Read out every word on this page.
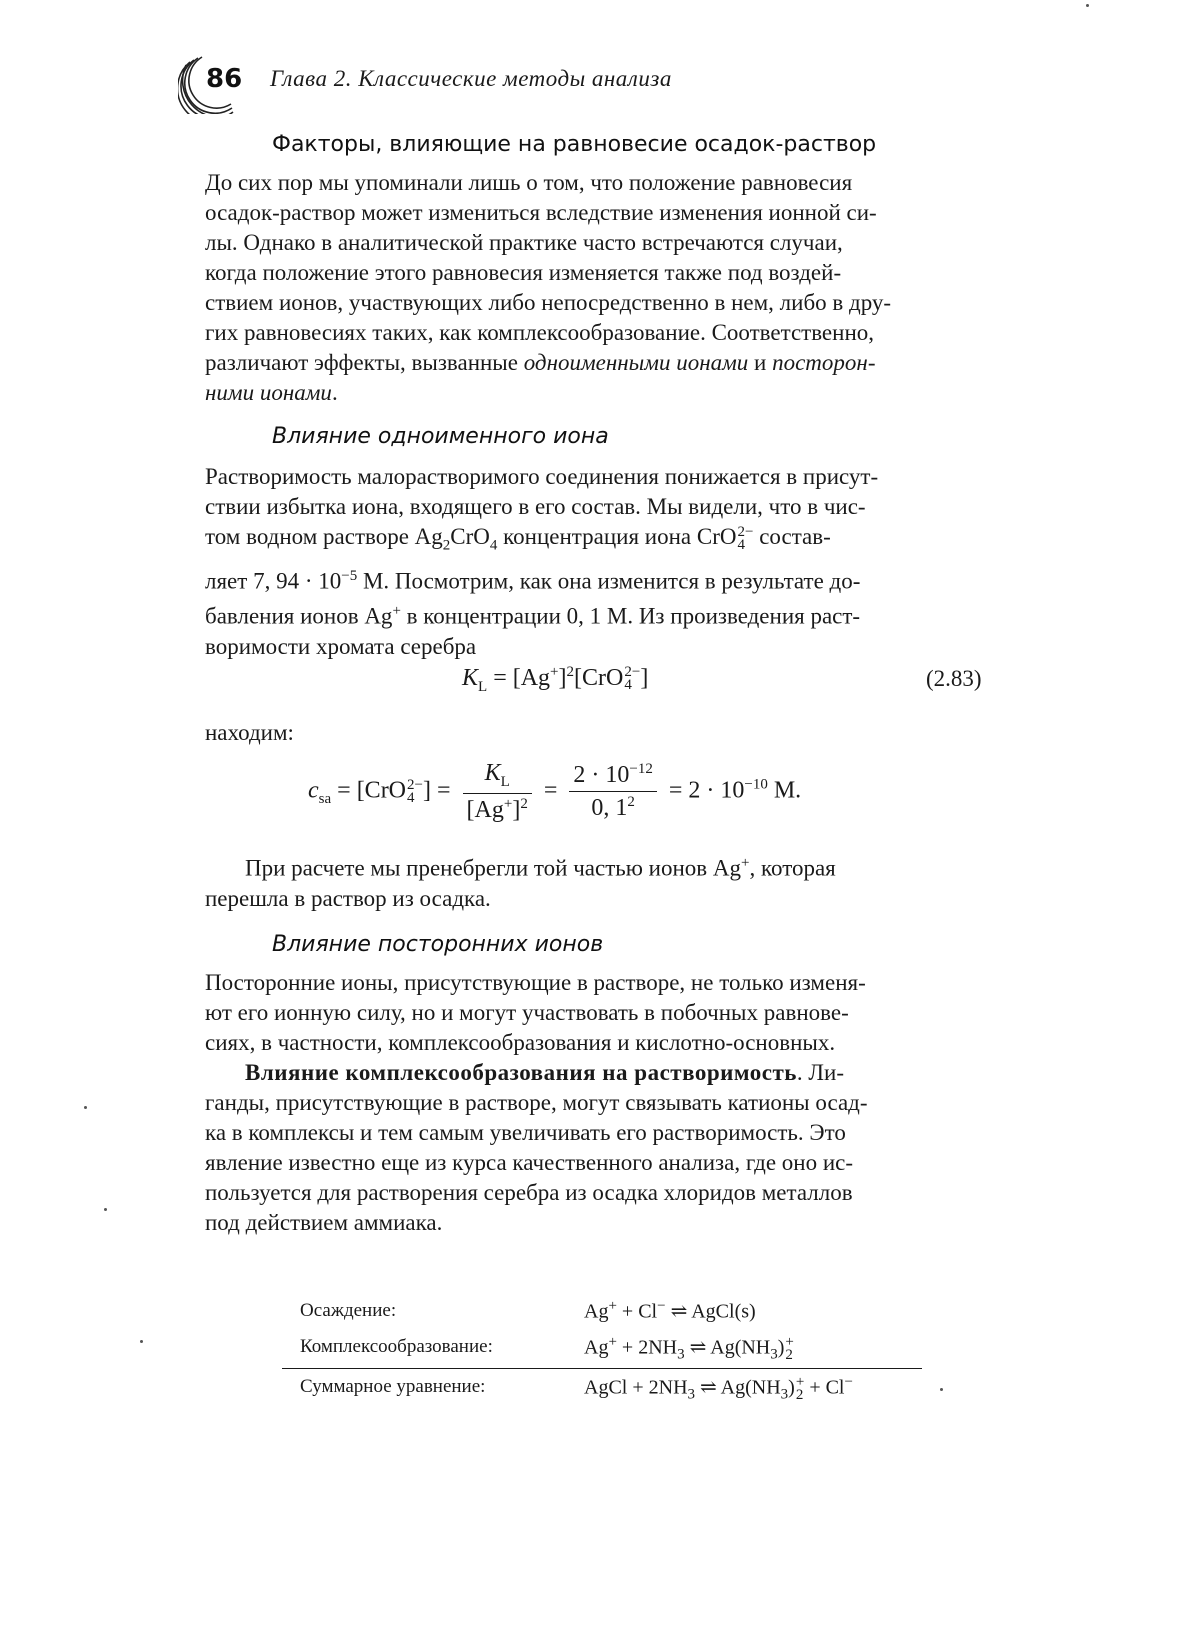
86 Глава 2. Классические методы анализа
Факторы, влияющие на равновесие осадок-раствор
До сих пор мы упоминали лишь о том, что положение равновесия
осадок-раствор может измениться вследствие изменения ионной си-
лы. Однако в аналитической практике часто встречаются случаи,
когда положение этого равновесия изменяется также под воздей-
ствием ионов, участвующих либо непосредственно в нем, либо в дру-
гих равновесиях таких, как комплексообразование. Соответственно,
различают эффекты, вызванные одноименными ионами и посторон-
ними ионами.
Влияние одноименного иона
Растворимость малорастворимого соединения понижается в присут-
ствии избытка иона, входящего в его состав. Мы видели, что в чис-
том водном растворе $Ag_2CrO_4$ концентрация иона CrO 2−
4 состав-
ляет 7, $94 \cdot 10^{-5}$ М. Посмотрим, как она изменится в результате до-
бавления ионов Ag+ в концентрации 0, 1 М. Из произведения раст-
воримости хромата серебра
$K_L = [Ag^+]^2[CrO$ 2−
4 ]	(2.83)
находим:
$c_{sa} = [CrO$ 2−
4 ] = $\frac{K_L}{[Ag^+]^2} = \frac{2 \cdot 10^{-12}}{0, 1^2} = 2 \cdot 10^{-10}$ М.
При расчете мы пренебрегли той частью ионов Ag+, которая
перешла в раствор из осадка.
Влияние посторонних ионов
Посторонние ионы, присутствующие в растворе, не только изменя-
ют его ионную силу, но и могут участвовать в побочных равнове-
сиях, в частности, комплексообразования и кислотно-основных.
Влияние комплексообразования на растворимость. Ли-
ганды, присутствующие в растворе, могут связывать катионы осад-
ка в комплексы и тем самым увеличивать его растворимость. Это
явление известно еще из курса качественного анализа, где оно ис-
пользуется для растворения серебра из осадка хлоридов металлов
под действием аммиака.
Осаждение:	Ag+ + Cl− ⇌ AgCl(s)
Комплексообразование:	$Ag^+ + 2NH_3$ ⇌ $Ag(NH_3)$ +
2
Суммарное уравнение:	AgCl + $2NH_3$ ⇌ $Ag(NH_3)$ +
2 + Cl−
